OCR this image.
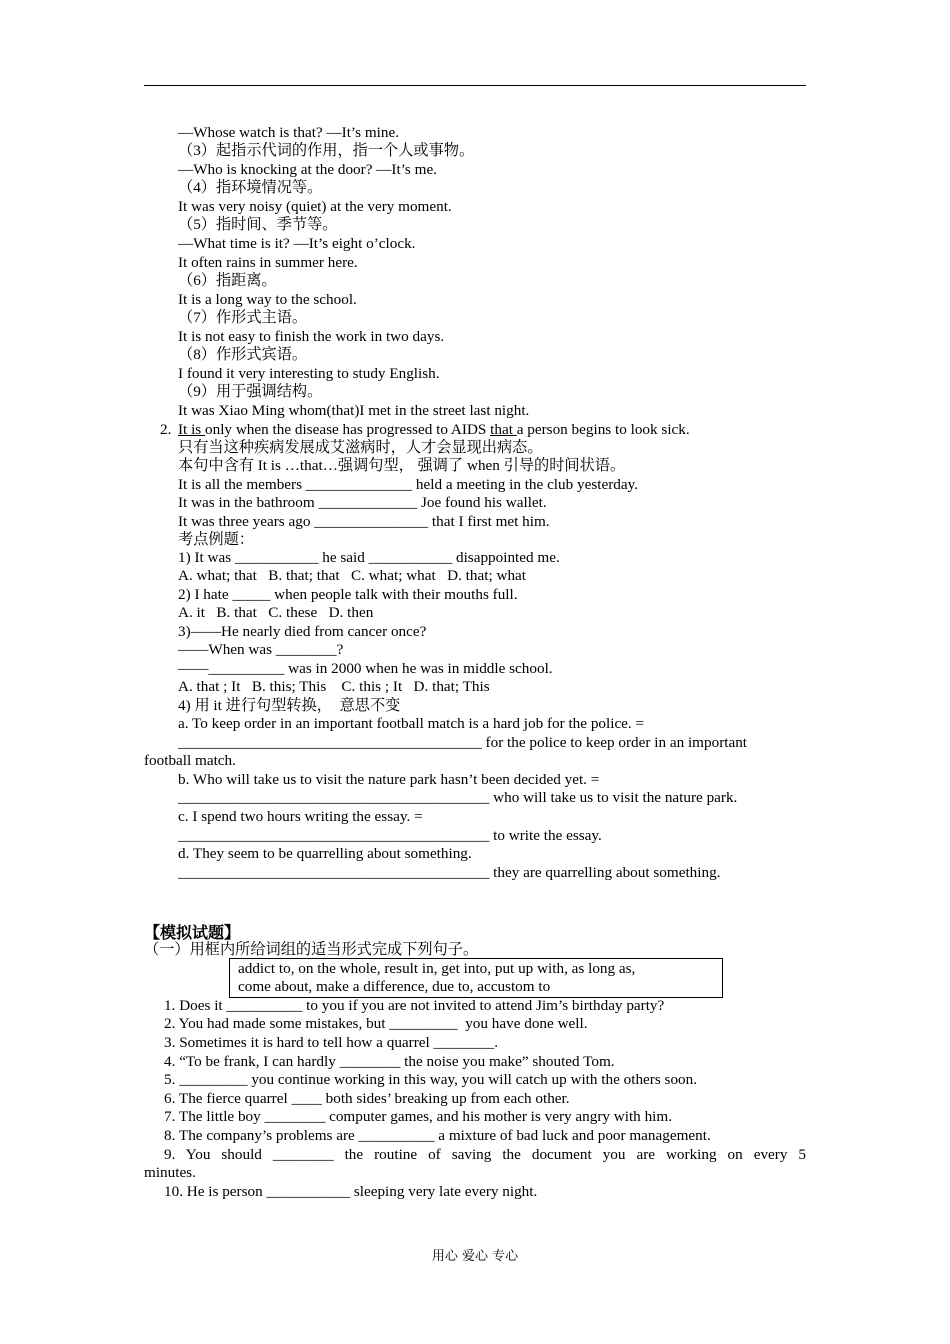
—Whose watch is that? —It’s mine.
（3）起指示代词的作用，指一个人或事物。
—Who is knocking at the door? —It’s me.
（4）指环境情况等。
It was very noisy (quiet) at the very moment.
（5）指时间、季节等。
—What time is it? —It’s eight o’clock.
It often rains in summer here.
（6）指距离。
It is a long way to the school.
（7）作形式主语。
It is not easy to finish the work in two days.
（8）作形式宾语。
I found it very interesting to study English.
（9）用于强调结构。
It was Xiao Ming whom(that)I met in the street last night.
2. It is only when the disease has progressed to AIDS that a person begins to look sick.
只有当这种疾病发展成艾滋病时，人才会显现出病态。
本句中含有 It is …that…强调句型， 强调了 when 引导的时间状语。
It is all the members ______________ held a meeting in the club yesterday.
It was in the bathroom _____________ Joe found his wallet.
It was three years ago _______________ that I first met him.
考点例题：
1) It was ___________ he said ___________ disappointed me.
A. what; that   B. that; that   C. what; what   D. that; what
2) I hate _____ when people talk with their mouths full.
A. it   B. that   C. these   D. then
3)——He nearly died from cancer once?
——When was ________?
——__________ was in 2000 when he was in middle school.
A. that ; It   B. this; This    C. this ; It   D. that; This
4) 用 it 进行句型转换，  意思不变
a. To keep order in an important football match is a hard job for the police. =
________________________________________ for the police to keep order in an important
football match.
b. Who will take us to visit the nature park hasn’t been decided yet. =
_________________________________________ who will take us to visit the nature park.
c. I spend two hours writing the essay. =
_________________________________________ to write the essay.
d. They seem to be quarrelling about something.
_________________________________________ they are quarrelling about something.
【模拟试题】
（一）用框内所给词组的适当形式完成下列句子。
addict to, on the whole, result in, get into, put up with, as long as,
come about, make a difference, due to, accustom to
1. Does it __________ to you if you are not invited to attend Jim’s birthday party?
2. You had made some mistakes, but _________  you have done well.
3. Sometimes it is hard to tell how a quarrel ________.
4. “To be frank, I can hardly ________ the noise you make” shouted Tom.
5. _________ you continue working in this way, you will catch up with the others soon.
6. The fierce quarrel ____ both sides’ breaking up from each other.
7. The little boy ________ computer games, and his mother is very angry with him.
8. The company’s problems are __________ a mixture of bad luck and poor management.
9. You should ________ the routine of saving the document you are working on every 5
minutes.
10. He is person ___________ sleeping very late every night.
用心 爱心 专心
